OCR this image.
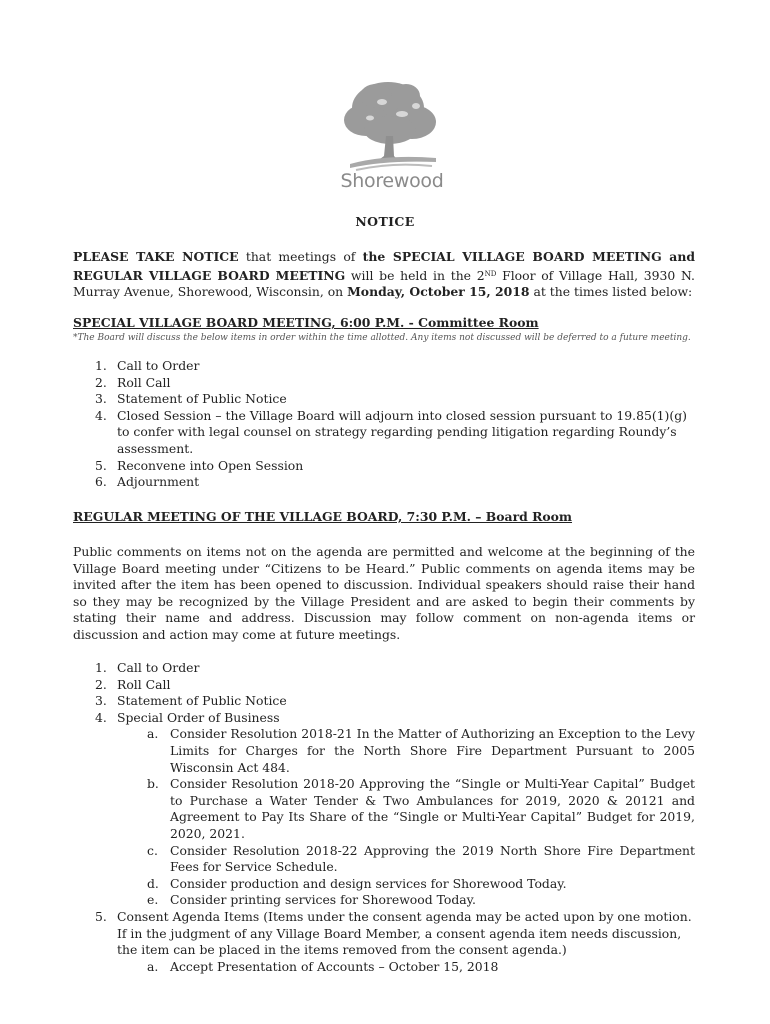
Shorewood
NOTICE
PLEASE TAKE NOTICE that meetings of the SPECIAL VILLAGE BOARD MEETING and REGULAR VILLAGE BOARD MEETING will be held in the 2ND Floor of Village Hall, 3930 N. Murray Avenue, Shorewood, Wisconsin, on Monday, October 15, 2018 at the times listed below:
SPECIAL VILLAGE BOARD MEETING, 6:00 P.M. - Committee Room
*The Board will discuss the below items in order within the time allotted. Any items not discussed will be deferred to a future meeting.
1. Call to Order
2. Roll Call
3. Statement of Public Notice
4. Closed Session – the Village Board will adjourn into closed session pursuant to 19.85(1)(g) to confer with legal counsel on strategy regarding pending litigation regarding Roundy’s assessment.
5. Reconvene into Open Session
6. Adjournment
REGULAR MEETING OF THE VILLAGE BOARD, 7:30 P.M. – Board Room
Public comments on items not on the agenda are permitted and welcome at the beginning of the Village Board meeting under “Citizens to be Heard.” Public comments on agenda items may be invited after the item has been opened to discussion. Individual speakers should raise their hand so they may be recognized by the Village President and are asked to begin their comments by stating their name and address. Discussion may follow comment on non-agenda items or discussion and action may come at future meetings.
1. Call to Order
2. Roll Call
3. Statement of Public Notice
4. Special Order of Business
a. Consider Resolution 2018-21 In the Matter of Authorizing an Exception to the Levy Limits for Charges for the North Shore Fire Department Pursuant to 2005 Wisconsin Act 484.
b. Consider Resolution 2018-20 Approving the “Single or Multi-Year Capital” Budget to Purchase a Water Tender & Two Ambulances for 2019, 2020 & 20121 and Agreement to Pay Its Share of the “Single or Multi-Year Capital” Budget for 2019, 2020, 2021.
c. Consider Resolution 2018-22 Approving the 2019 North Shore Fire Department Fees for Service Schedule.
d. Consider production and design services for Shorewood Today.
e. Consider printing services for Shorewood Today.
5. Consent Agenda Items (Items under the consent agenda may be acted upon by one motion. If in the judgment of any Village Board Member, a consent agenda item needs discussion, the item can be placed in the items removed from the consent agenda.)
a. Accept Presentation of Accounts – October 15, 2018
